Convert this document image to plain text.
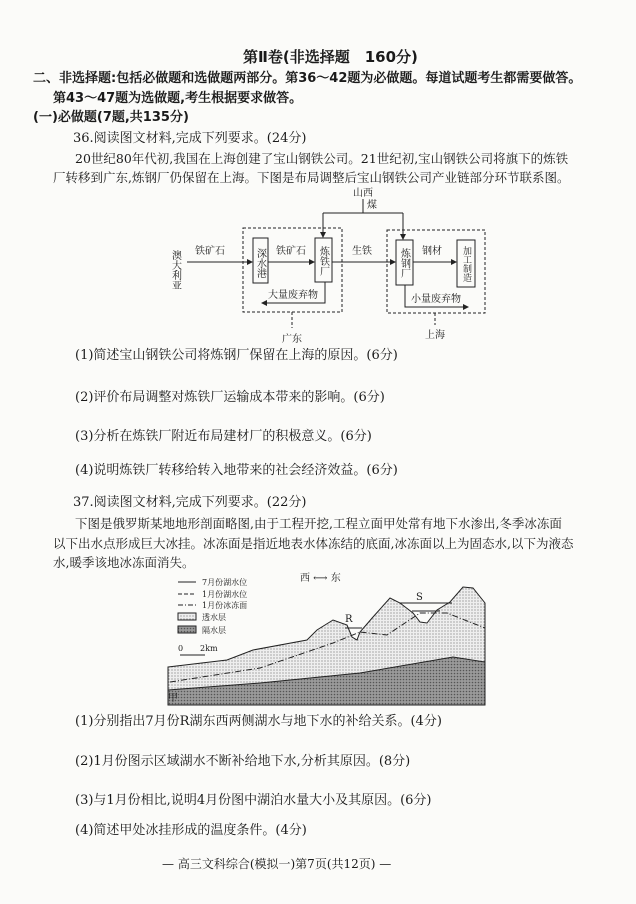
第Ⅱ卷(非选择题　160分)
二、非选择题:包括必做题和选做题两部分。第36～42题为必做题。每道试题考生都需要做答。
第43～47题为选做题,考生根据要求做答。
(一)必做题(7题,共135分)
36.阅读图文材料,完成下列要求。(24分)
20世纪80年代初,我国在上海创建了宝山钢铁公司。21世纪初,宝山钢铁公司将旗下的炼铁
厂转移到广东,炼钢厂仍保留在上海。下图是布局调整后宝山钢铁公司产业链部分环节联系图。
山西
煤
铁矿石	铁矿石	生铁	钢材
大量废弃物	小量废弃物
广东	上海
澳大利亚	深水港	炼铁厂	炼钢厂	加工制造
(1)简述宝山钢铁公司将炼钢厂保留在上海的原因。(6分)
(2)评价布局调整对炼铁厂运输成本带来的影响。(6分)
(3)分析在炼铁厂附近布局建材厂的积极意义。(6分)
(4)说明炼铁厂转移给转入地带来的社会经济效益。(6分)
37.阅读图文材料,完成下列要求。(22分)
下图是俄罗斯某地地形剖面略图,由于工程开挖,工程立面甲处常有地下水渗出,冬季冰冻面
以下出水点形成巨大冰挂。冰冻面是指近地表水体冻结的底面,冰冻面以上为固态水,以下为液态
水,暖季该地冰冻面消失。
R
S
甲
西 ⟷ 东
7月份湖水位
1月份湖水位
1月份冰冻面
透水层
隔水层
0 2km
(1)分别指出7月份R湖东西两侧湖水与地下水的补给关系。(4分)
(2)1月份图示区域湖水不断补给地下水,分析其原因。(8分)
(3)与1月份相比,说明4月份图中湖泊水量大小及其原因。(6分)
(4)简述甲处冰挂形成的温度条件。(4分)
— 高三文科综合(模拟一)第7页(共12页) —
